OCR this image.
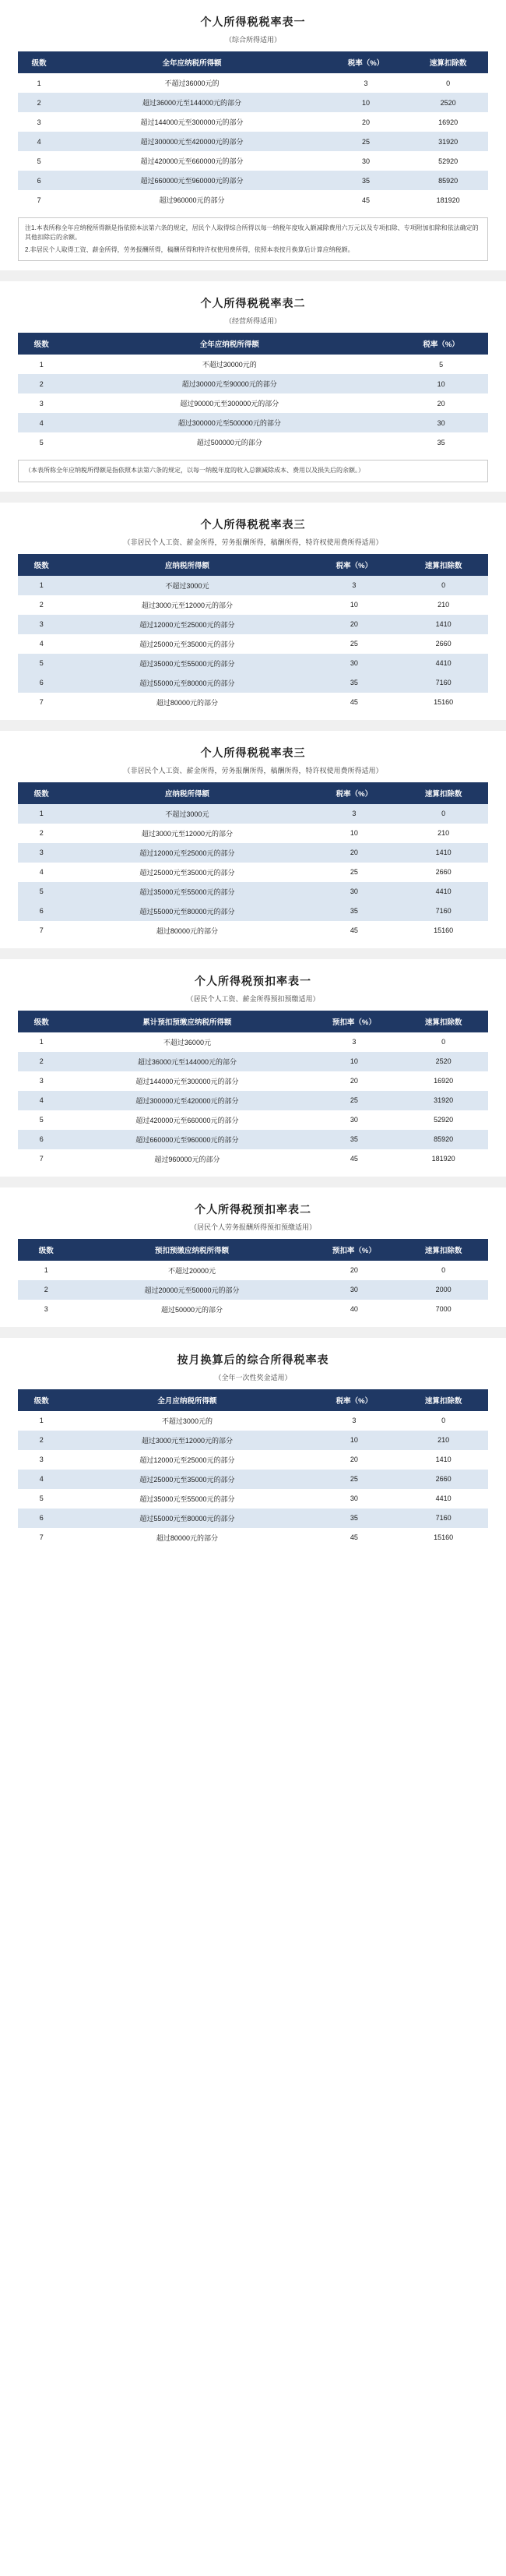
个人所得税税率表一
（综合所得适用）
级数	全年应纳税所得额	税率（%）	速算扣除数
1	不超过36000元的	3	0
2	超过36000元至144000元的部分	10	2520
3	超过144000元至300000元的部分	20	16920
4	超过300000元至420000元的部分	25	31920
5	超过420000元至660000元的部分	30	52920
6	超过660000元至960000元的部分	35	85920
7	超过960000元的部分	45	181920

注1.本表所称全年应纳税所得额是指依照本法第六条的规定，居民个人取得综合所得以每一纳税年度收入额减除费用六万元以及专项扣除、专项附加扣除和依法确定的其他扣除后的余额。

2.非居民个人取得工资、薪金所得，劳务报酬所得，稿酬所得和特许权使用费所得，依照本表按月换算后计算应纳税额。

个人所得税税率表二
（经营所得适用）
级数	全年应纳税所得额	税率（%）
1	不超过30000元的	5
2	超过30000元至90000元的部分	10
3	超过90000元至300000元的部分	20
4	超过300000元至500000元的部分	30
5	超过500000元的部分	35

（本表所称全年应纳税所得额是指依照本法第六条的规定，以每一纳税年度的收入总额减除成本、费用以及损失后的余额。）

个人所得税税率表三
（非居民个人工资、薪金所得，劳务报酬所得，稿酬所得，特许权使用费所得适用）
级数	应纳税所得额	税率（%）	速算扣除数
1	不超过3000元	3	0
2	超过3000元至12000元的部分	10	210
3	超过12000元至25000元的部分	20	1410
4	超过25000元至35000元的部分	25	2660
5	超过35000元至55000元的部分	30	4410
6	超过55000元至80000元的部分	35	7160
7	超过80000元的部分	45	15160
个人所得税税率表三
（非居民个人工资、薪金所得，劳务报酬所得，稿酬所得，特许权使用费所得适用）
级数	应纳税所得额	税率（%）	速算扣除数
1	不超过3000元	3	0
2	超过3000元至12000元的部分	10	210
3	超过12000元至25000元的部分	20	1410
4	超过25000元至35000元的部分	25	2660
5	超过35000元至55000元的部分	30	4410
6	超过55000元至80000元的部分	35	7160
7	超过80000元的部分	45	15160
个人所得税预扣率表一
（居民个人工资、薪金所得预扣预缴适用）
级数	累计预扣预缴应纳税所得额	预扣率（%）	速算扣除数
1	不超过36000元	3	0
2	超过36000元至144000元的部分	10	2520
3	超过144000元至300000元的部分	20	16920
4	超过300000元至420000元的部分	25	31920
5	超过420000元至660000元的部分	30	52920
6	超过660000元至960000元的部分	35	85920
7	超过960000元的部分	45	181920
个人所得税预扣率表二
（居民个人劳务报酬所得预扣预缴适用）
级数	预扣预缴应纳税所得额	预扣率（%）	速算扣除数
1	不超过20000元	20	0
2	超过20000元至50000元的部分	30	2000
3	超过50000元的部分	40	7000
按月换算后的综合所得税率表
（全年一次性奖金适用）
级数	全月应纳税所得额	税率（%）	速算扣除数
1	不超过3000元的	3	0
2	超过3000元至12000元的部分	10	210
3	超过12000元至25000元的部分	20	1410
4	超过25000元至35000元的部分	25	2660
5	超过35000元至55000元的部分	30	4410
6	超过55000元至80000元的部分	35	7160
7	超过80000元的部分	45	15160
